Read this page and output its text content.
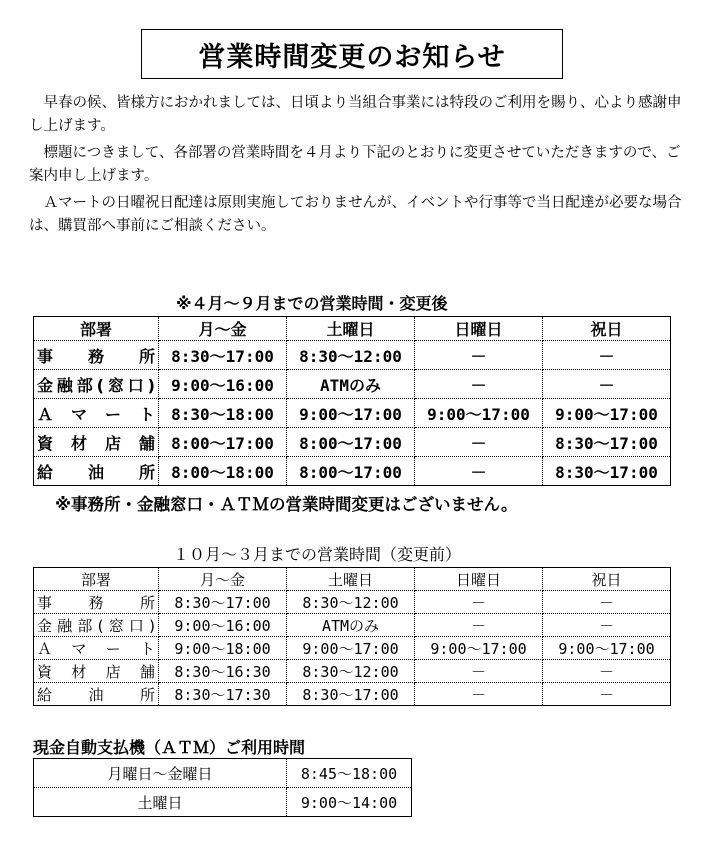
営業時間変更のお知らせ

早春の候、皆様方におかれましては、日頃より当組合事業には特段のご利用を賜り、心より感謝申し上げます。

標題につきまして、各部署の営業時間を４月より下記のとおりに変更させていただきますので、ご案内申し上げます。

Ａマートの日曜祝日配達は原則実施しておりませんが、イベントや行事等で当日配達が必要な場合は、購買部へ事前にご相談ください。

※４月～９月までの営業時間・変更後
部署	月～金	土曜日	日曜日	祝日
事　務　所	8:30～17:00	8:30～12:00	－	－
金融部(窓口)	9:00～16:00	ATMのみ	－	－
Ａ　マ　ー　ト	8:30～18:00	9:00～17:00	9:00～17:00	9:00～17:00
資　材　店　舗	8:00～17:00	8:00～17:00	－	8:30～17:00
給　油　所	8:00～18:00	8:00～17:00	－	8:30～17:00
※事務所・金融窓口・ＡＴＭの営業時間変更はございません。
１０月～３月までの営業時間（変更前）
部署	月～金	土曜日	日曜日	祝日
事　務　所	8:30～17:00	8:30～12:00	－	－
金融部(窓口)	9:00～16:00	ATMのみ	－	－
Ａ　マ　ー　ト	9:00～18:00	9:00～17:00	9:00～17:00	9:00～17:00
資　材　店　舗	8:30～16:30	8:30～12:00	－	－
給　油　所	8:30～17:30	8:30～17:00	－	－
現金自動支払機（ＡＴＭ）ご利用時間
月曜日～金曜日	8:45～18:00
土曜日	9:00～14:00
